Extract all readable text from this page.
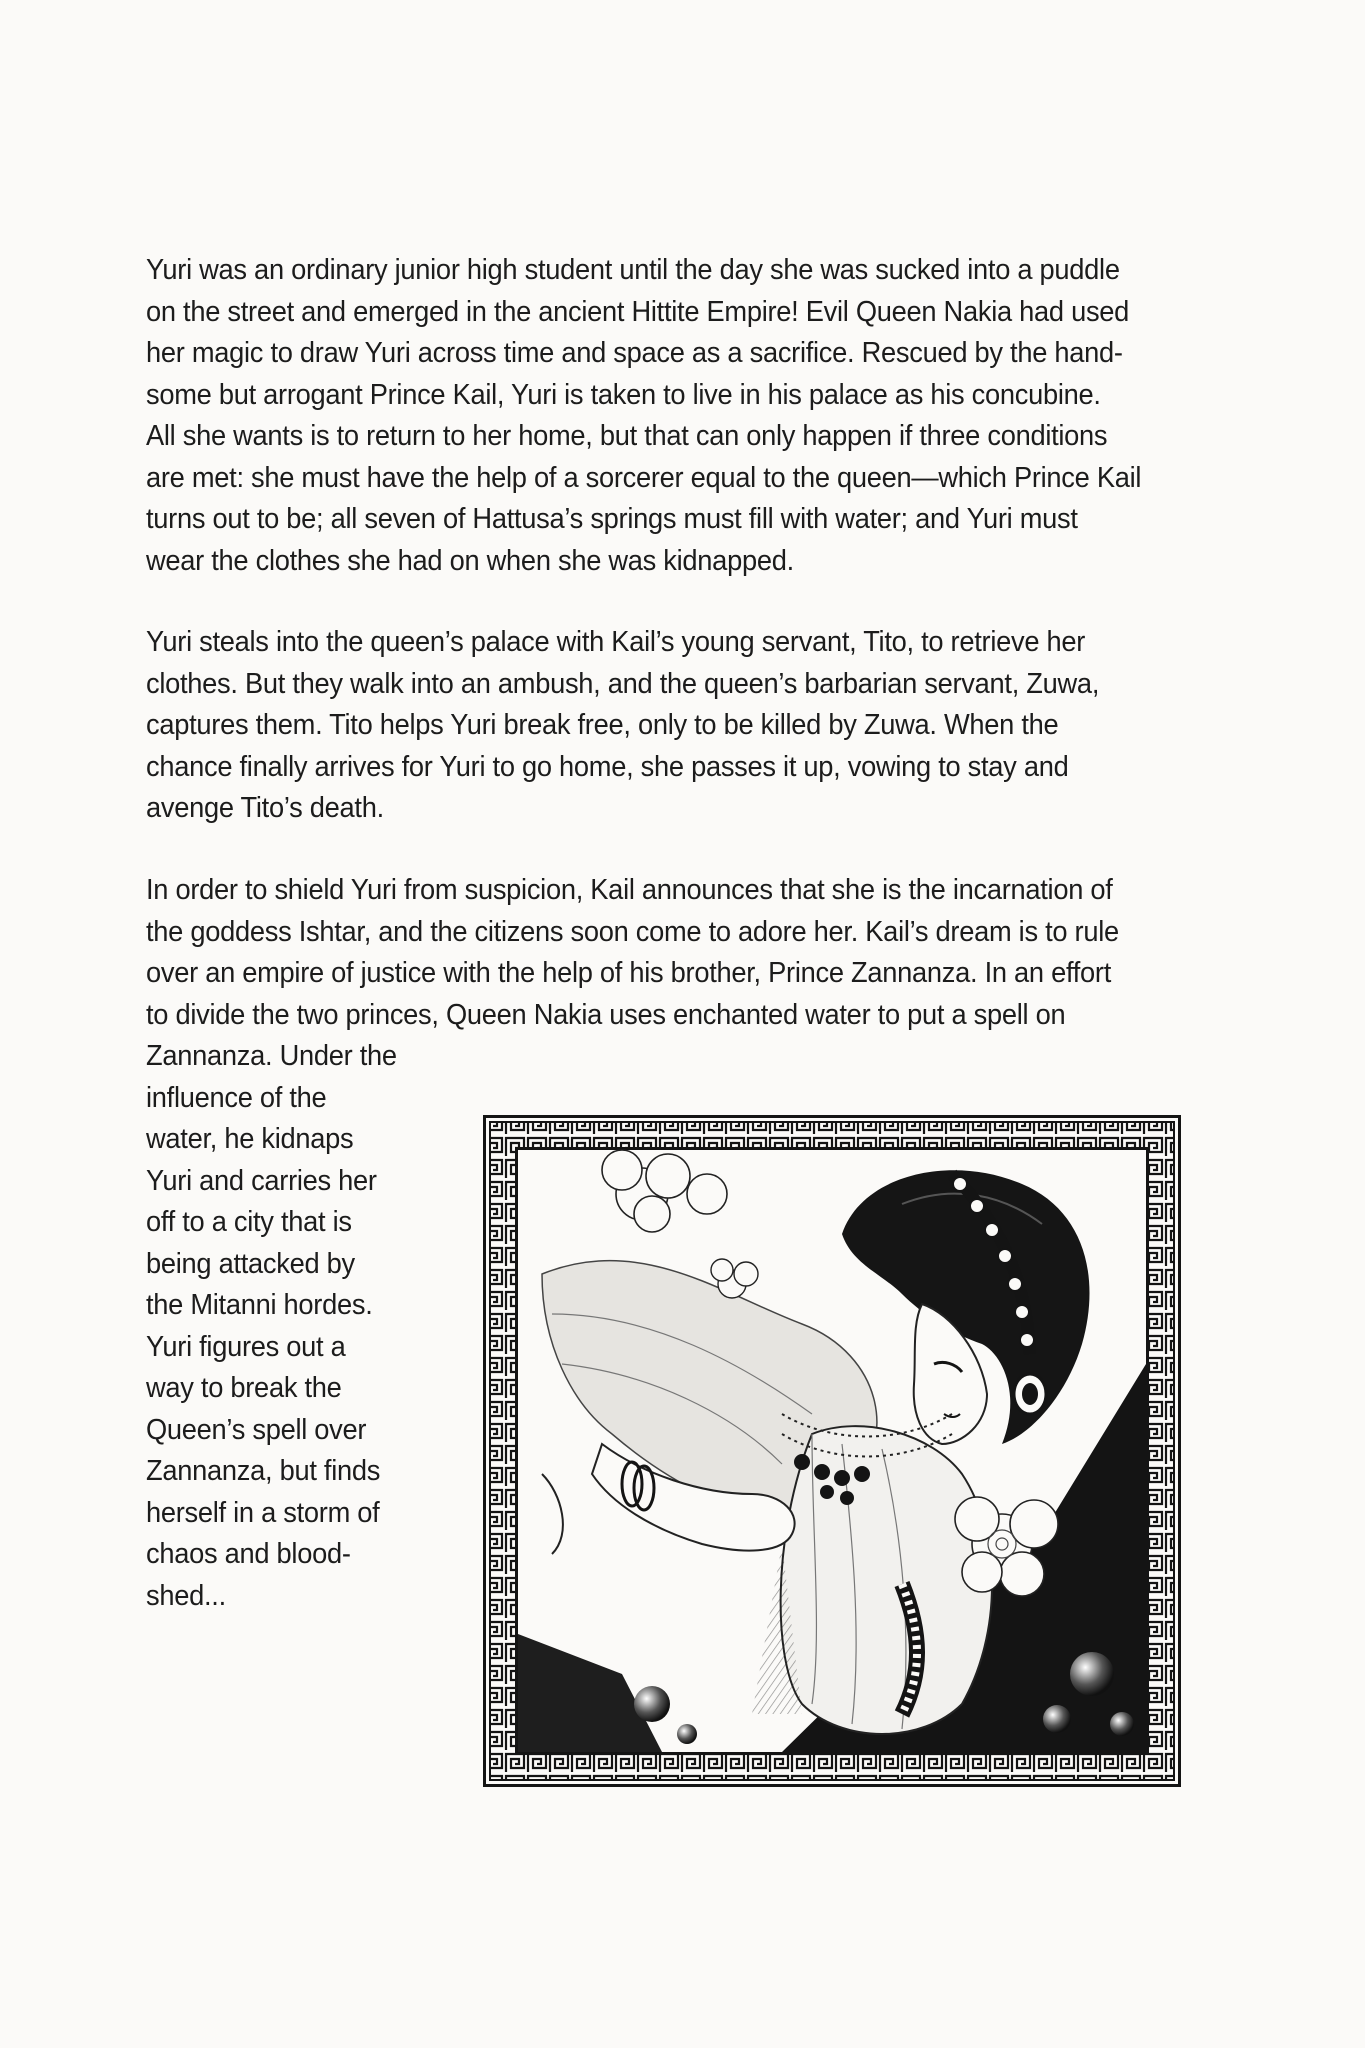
Yuri was an ordinary junior high student until the day she was sucked into a puddle
on the street and emerged in the ancient Hittite Empire! Evil Queen Nakia had used
her magic to draw Yuri across time and space as a sacrifice. Rescued by the hand-
some but arrogant Prince Kail, Yuri is taken to live in his palace as his concubine.
All she wants is to return to her home, but that can only happen if three conditions
are met: she must have the help of a sorcerer equal to the queen—which Prince Kail
turns out to be; all seven of Hattusa’s springs must fill with water; and Yuri must
wear the clothes she had on when she was kidnapped.
Yuri steals into the queen’s palace with Kail’s young servant, Tito, to retrieve her
clothes. But they walk into an ambush, and the queen’s barbarian servant, Zuwa,
captures them. Tito helps Yuri break free, only to be killed by Zuwa. When the
chance finally arrives for Yuri to go home, she passes it up, vowing to stay and
avenge Tito’s death.
In order to shield Yuri from suspicion, Kail announces that she is the incarnation of
the goddess Ishtar, and the citizens soon come to adore her. Kail’s dream is to rule
over an empire of justice with the help of his brother, Prince Zannanza. In an effort
to divide the two princes, Queen Nakia uses enchanted water to put a spell on
Zannanza. Under the
influence of the
water, he kidnaps
Yuri and carries her
off to a city that is
being attacked by
the Mitanni hordes.
Yuri figures out a
way to break the
Queen’s spell over
Zannanza, but finds
herself in a storm of
chaos and blood-
shed...
